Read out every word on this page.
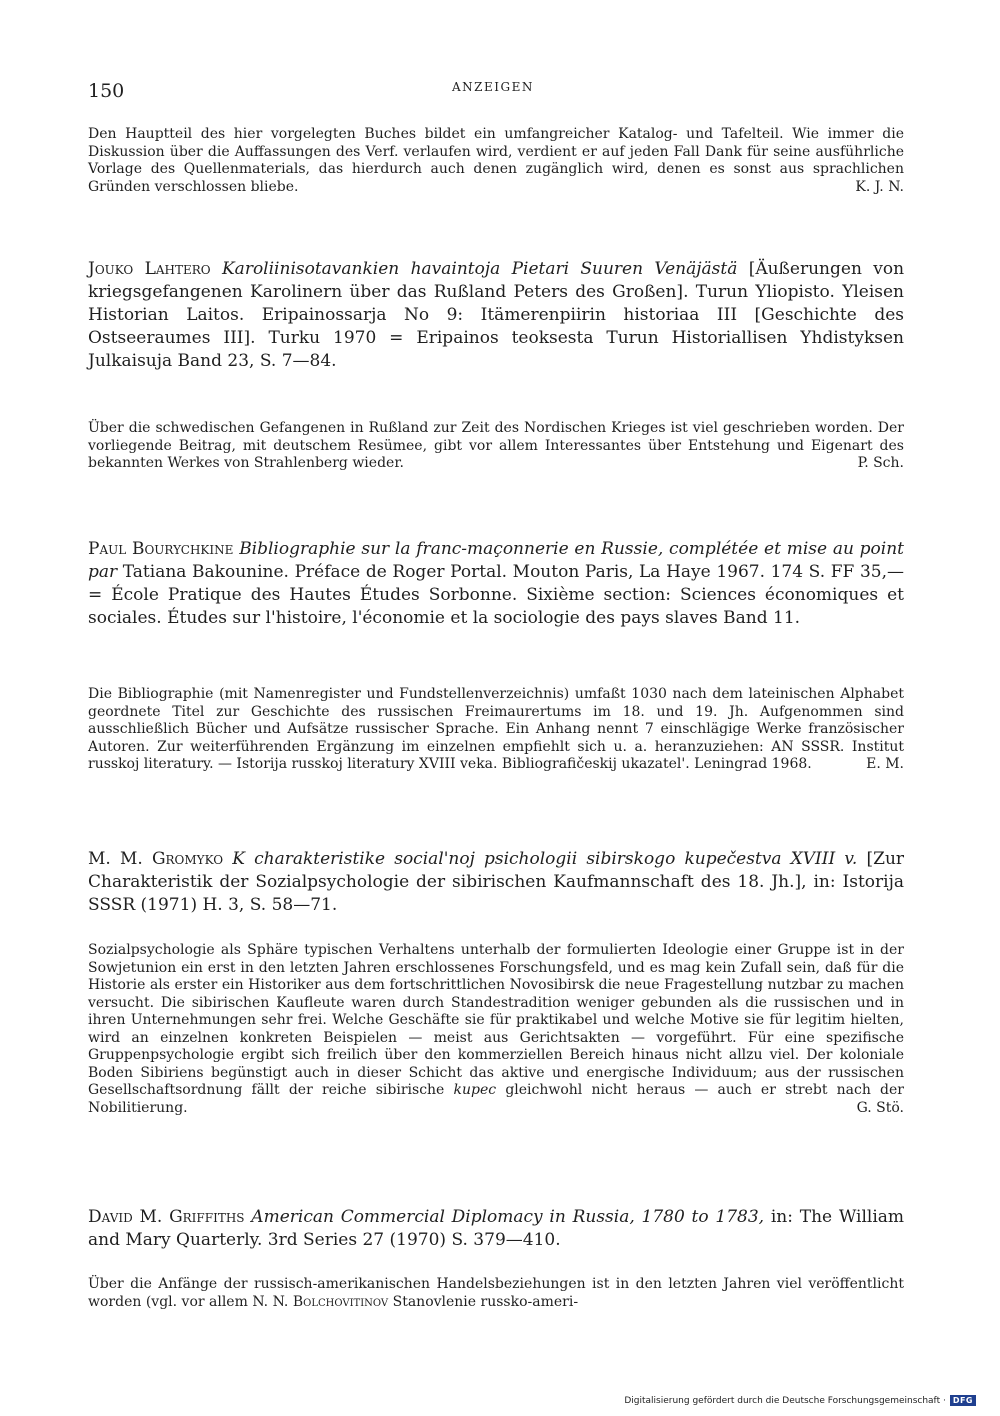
150	ANZEIGEN
Den Hauptteil des hier vorgelegten Buches bildet ein umfangreicher Katalog- und Tafelteil. Wie immer die Diskussion über die Auffassungen des Verf. verlaufen wird, verdient er auf jeden Fall Dank für seine ausführliche Vorlage des Quellenmaterials, das hierdurch auch denen zugänglich wird, denen es sonst aus sprachlichen Gründen verschlossen bliebe.	K. J. N.
Jouko Lahtero Karoliinisotavankien havaintoja Pietari Suuren Venäjästä [Äußerungen von kriegsgefangenen Karolinern über das Rußland Peters des Großen]. Turun Yliopisto. Yleisen Historian Laitos. Eripainossarja No 9: Itämerenpiirin historiaa III [Geschichte des Ostseeraumes III]. Turku 1970 = Eripainos teoksesta Turun Historiallisen Yhdistyksen Julkaisuja Band 23, S. 7—84.
Über die schwedischen Gefangenen in Rußland zur Zeit des Nordischen Krieges ist viel geschrieben worden. Der vorliegende Beitrag, mit deutschem Resümee, gibt vor allem Interessantes über Entstehung und Eigenart des bekannten Werkes von Strahlenberg wieder.	P. Sch.
Paul Bourychkine Bibliographie sur la franc-maçonnerie en Russie, complétée et mise au point par Tatiana Bakounine. Préface de Roger Portal. Mouton Paris, La Haye 1967. 174 S. FF 35,— = École Pratique des Hautes Études Sorbonne. Sixième section: Sciences économiques et sociales. Études sur l'histoire, l'économie et la sociologie des pays slaves Band 11.
Die Bibliographie (mit Namenregister und Fundstellenverzeichnis) umfaßt 1030 nach dem lateinischen Alphabet geordnete Titel zur Geschichte des russischen Freimaurertums im 18. und 19. Jh. Aufgenommen sind ausschließlich Bücher und Aufsätze russischer Sprache. Ein Anhang nennt 7 einschlägige Werke französischer Autoren. Zur weiterführenden Ergänzung im einzelnen empfiehlt sich u. a. heranzuziehen: AN SSSR. Institut russkoj literatury. — Istorija russkoj literatury XVIII veka. Bibliografičeskij ukazatel'. Leningrad 1968.	E. M.
M. M. Gromyko K charakteristike social'noj psichologii sibirskogo kupečestva XVIII v. [Zur Charakteristik der Sozialpsychologie der sibirischen Kaufmannschaft des 18. Jh.], in: Istorija SSSR (1971) H. 3, S. 58—71.
Sozialpsychologie als Sphäre typischen Verhaltens unterhalb der formulierten Ideologie einer Gruppe ist in der Sowjetunion ein erst in den letzten Jahren erschlossenes Forschungsfeld, und es mag kein Zufall sein, daß für die Historie als erster ein Historiker aus dem fortschrittlichen Novosibirsk die neue Fragestellung nutzbar zu machen versucht. Die sibirischen Kaufleute waren durch Standestradition weniger gebunden als die russischen und in ihren Unternehmungen sehr frei. Welche Geschäfte sie für praktikabel und welche Motive sie für legitim hielten, wird an einzelnen konkreten Beispielen — meist aus Gerichtsakten — vorgeführt. Für eine spezifische Gruppenpsychologie ergibt sich freilich über den kommerziellen Bereich hinaus nicht allzu viel. Der koloniale Boden Sibiriens begünstigt auch in dieser Schicht das aktive und energische Individuum; aus der russischen Gesellschaftsordnung fällt der reiche sibirische kupec gleichwohl nicht heraus — auch er strebt nach der Nobilitierung.	G. Stö.
David M. Griffiths American Commercial Diplomacy in Russia, 1780 to 1783, in: The William and Mary Quarterly. 3rd Series 27 (1970) S. 379—410.
Über die Anfänge der russisch-amerikanischen Handelsbeziehungen ist in den letzten Jahren viel veröffentlicht worden (vgl. vor allem N. N. Bolchovitinov Stanovlenie russko-ameri-
Digitalisierung gefördert durch die Deutsche Forschungsgemeinschaft · DFG
